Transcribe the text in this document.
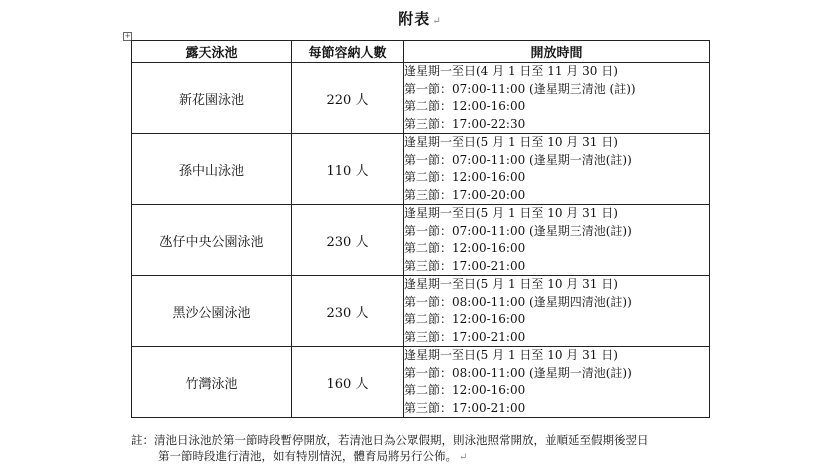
附表 ↵
+
露天泳池	每節容納人數	開放時間
新花園泳池	220 人	逢星期一至日(4 月 1 日至 11 月 30 日)
第一節：07:00-11:00 (逢星期三清池 (註))
第二節：12:00-16:00
第三節：17:00-22:30

孫中山泳池	110 人	逢星期一至日(5 月 1 日至 10 月 31 日)
第一節：07:00-11:00 (逢星期一清池(註))
第二節：12:00-16:00
第三節：17:00-20:00

氹仔中央公園泳池	230 人	逢星期一至日(5 月 1 日至 10 月 31 日)
第一節：07:00-11:00 (逢星期三清池(註))
第二節：12:00-16:00
第三節：17:00-21:00

黑沙公園泳池	230 人	逢星期一至日(5 月 1 日至 10 月 31 日)
第一節：08:00-11:00 (逢星期四清池(註))
第二節：12:00-16:00
第三節：17:00-21:00

竹灣泳池	160 人	逢星期一至日(5 月 1 日至 10 月 31 日)
第一節：08:00-11:00 (逢星期一清池(註))
第二節：12:00-16:00
第三節：17:00-21:00
註：清池日泳池於第一節時段暫停開放，若清池日為公眾假期，則泳池照常開放，並順延至假期後翌日
第一節時段進行清池，如有特別情況，體育局將另行公佈。 ↵
